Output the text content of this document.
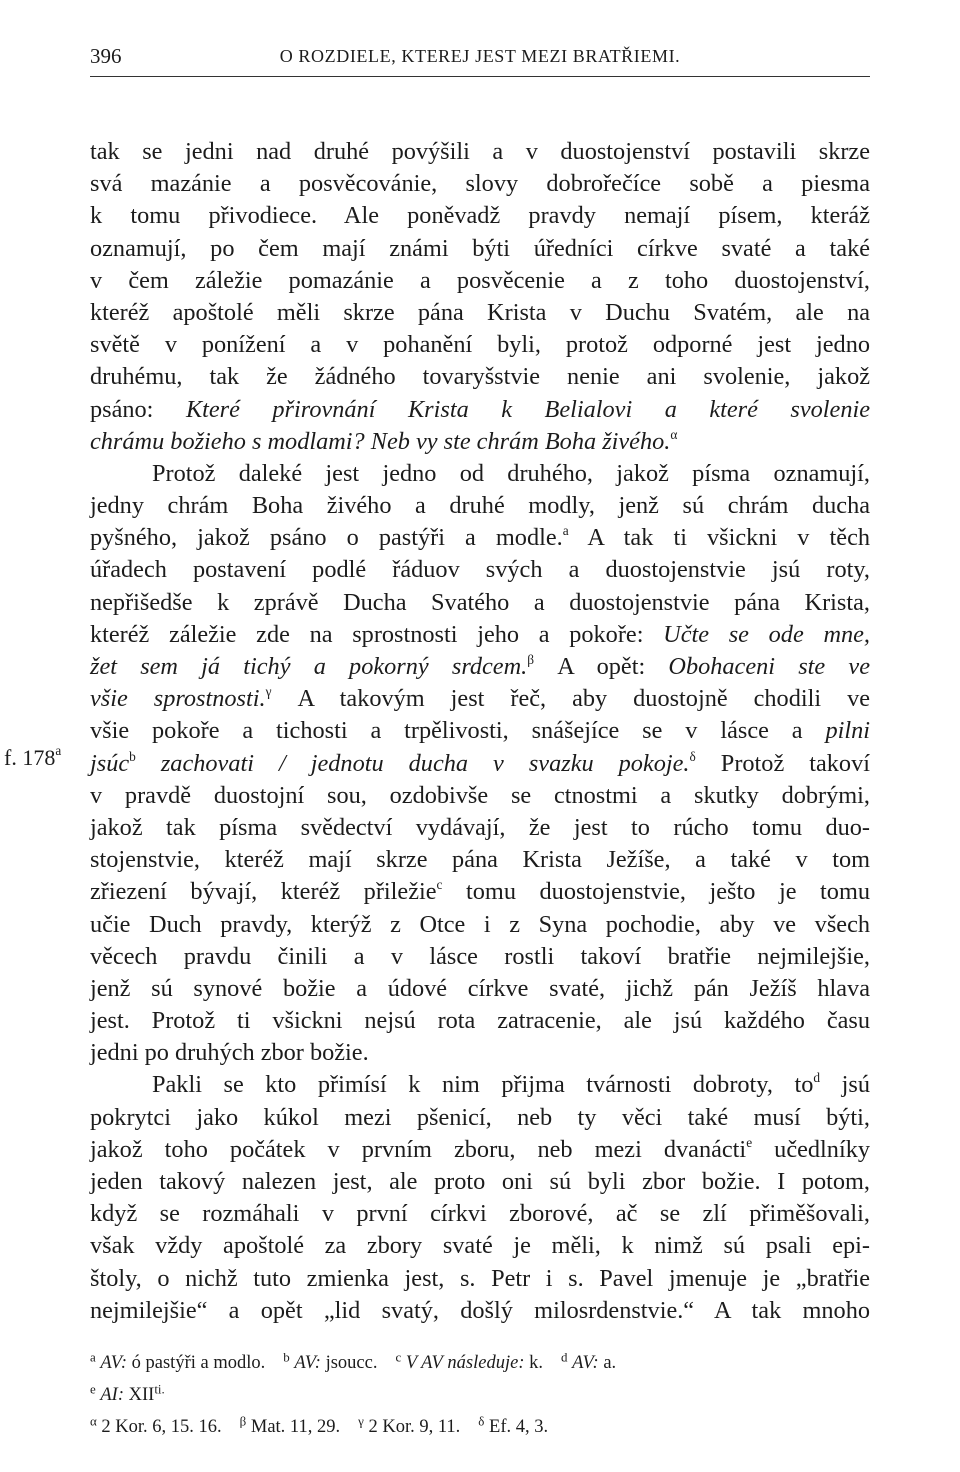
396	O ROZDIELE, KTEREJ JEST MEZI BRATŘIEMI.
f. 178$^a$
tak se jedni nad druhé povýšili a v duostojenství postavili skrze
svá mazánie a posvěcovánie, slovy dobrořečíce sobě a piesma
k tomu přivodiece. Ale poněvadž pravdy nemají písem, kteráž
oznamují, po čem mají známi býti úředníci církve svaté a také
v čem záležie pomazánie a posvěcenie a z toho duostojenství,
kteréž apoštolé měli skrze pána Krista v Duchu Svatém, ale na
světě v ponížení a v pohanění byli, protož odporné jest jedno
druhému, tak že žádného tovaryšstvie nenie ani svolenie, jakož
psáno: Které přirovnání Krista k Belialovi a které svolenie
chrámu božieho s modlami? Neb vy ste chrám Boha živého.$^\alpha$
Protož daleké jest jedno od druhého, jakož písma oznamují,
jedny chrám Boha živého a druhé modly, jenž sú chrám ducha
pyšného, jakož psáno o pastýři a modle.$^a$ A tak ti všickni v těch
úřadech postavení podlé řáduov svých a duostojenstvie jsú roty,
nepřišedše k zprávě Ducha Svatého a duostojenstvie pána Krista,
kteréž záležie zde na sprostnosti jeho a pokoře: Učte se ode mne,
žet sem já tichý a pokorný srdcem.$^\beta$ A opět: Obohaceni ste ve
všie sprostnosti.$^\gamma$ A takovým jest řeč, aby duostojně chodili ve
všie pokoře a tichosti a trpělivosti, snášejíce se v lásce a pilni
jsúc$^b$ zachovati / jednotu ducha v svazku pokoje.$^\delta$ Protož takoví
v pravdě duostojní sou, ozdobivše se ctnostmi a skutky dobrými,
jakož tak písma svědectví vydávají, že jest to rúcho tomu duo-
stojenstvie, kteréž mají skrze pána Krista Ježíše, a také v tom
zřiezení bývají, kteréž přiležie$^c$ tomu duostojenstvie, ješto je tomu
učie Duch pravdy, kterýž z Otce i z Syna pochodie, aby ve všech
věcech pravdu činili a v lásce rostli takoví bratřie nejmilejšie,
jenž sú synové božie a údové církve svaté, jichž pán Ježíš hlava
jest. Protož ti všickni nejsú rota zatracenie, ale jsú každého času
jedni po druhých zbor božie.
Pakli se kto přimísí k nim přijma tvárnosti dobroty, $to^d$ jsú
pokrytci jako kúkol mezi pšenicí, neb ty věci také musí býti,
jakož toho počátek v prvním zboru, neb mezi dvanácti$^e$ učedlníky
jeden takový nalezen jest, ale proto oni sú byli zbor božie. I potom,
když se rozmáhali v první církvi zborové, ač se zlí přiměšovali,
však vždy apoštolé za zbory svaté je měli, k nimž sú psali epi-
štoly, o nichž tuto zmienka jest, s. Petr i s. Pavel jmenuje je „bratřie
nejmilejšie“ a opět „lid svatý, došlý milosrdenstvie.“ A tak mnoho
$^a$ AV: ó pastýři a modlo. $^b$ AV: jsoucc. $^c$ V AV následuje: k. $^d$ AV: a.
$^e$ AI: $XII^{ti.}$
$^\alpha$ 2 Kor. 6, 15. 16. $^\beta$ Mat. 11, 29. $^\gamma$ 2 Kor. 9, 11. $^\delta$ Ef. 4, 3.
